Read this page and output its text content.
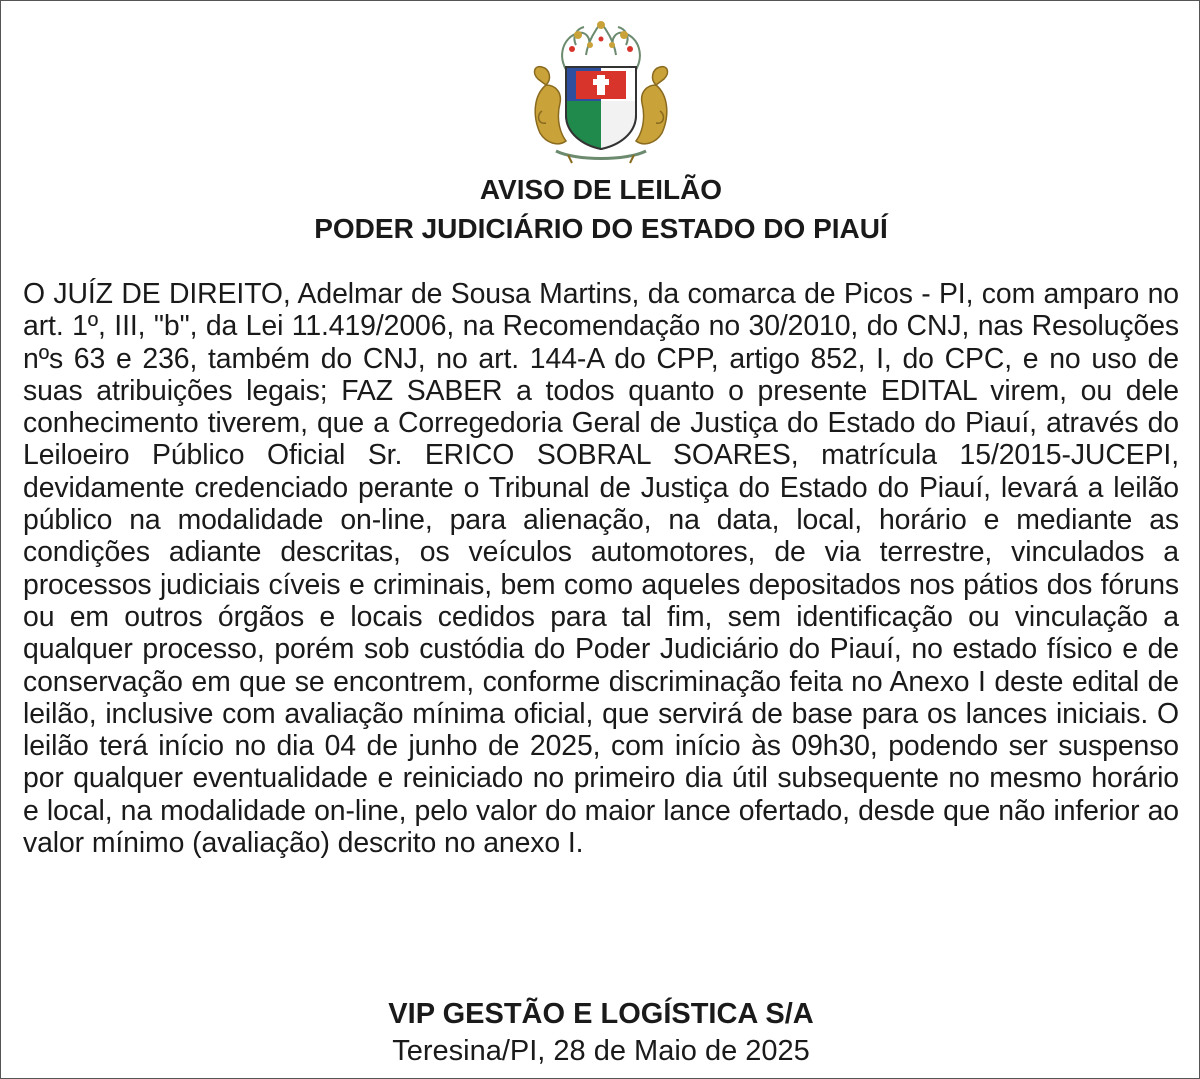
AVISO DE LEILÃO
PODER JUDICIÁRIO DO ESTADO DO PIAUÍ

O JUÍZ DE DIREITO, Adelmar de Sousa Martins, da comarca de Picos - PI, com amparo no art. 1º, III, "b", da Lei 11.419/2006, na Recomendação no 30/2010, do CNJ, nas Resoluções nºs 63 e 236, também do CNJ, no art. 144-A do CPP, artigo 852, I, do CPC, e no uso de suas atribuições legais; FAZ SABER a todos quanto o presente EDITAL virem, ou dele conhecimento tiverem, que a Corregedoria Geral de Justiça do Estado do Piauí, através do Leiloeiro Público Oficial Sr. ERICO SOBRAL SOARES, matrícula 15/2015-JUCEPI, devidamente credenciado perante o Tribunal de Justiça do Estado do Piauí, levará a leilão público na modalidade on-line, para alienação, na data, local, horário e mediante as condições adiante descritas, os veículos automotores, de via terrestre, vinculados a processos judiciais cíveis e criminais, bem como aqueles depositados nos pátios dos fóruns ou em outros órgãos e locais cedidos para tal fim, sem identificação ou vinculação a qualquer processo, porém sob custódia do Poder Judiciário do Piauí, no estado físico e de conservação em que se encontrem, conforme discriminação feita no Anexo I deste edital de leilão, inclusive com avaliação mínima oficial, que servirá de base para os lances iniciais. O leilão terá início no dia 04 de junho de 2025, com início às 09h30, podendo ser suspenso por qualquer eventualidade e reiniciado no primeiro dia útil subsequente no mesmo horário e local, na modalidade on-line, pelo valor do maior lance ofertado, desde que não inferior ao valor mínimo (avaliação) descrito no anexo I.

VIP GESTÃO E LOGÍSTICA S/A

Teresina/PI, 28 de Maio de 2025
